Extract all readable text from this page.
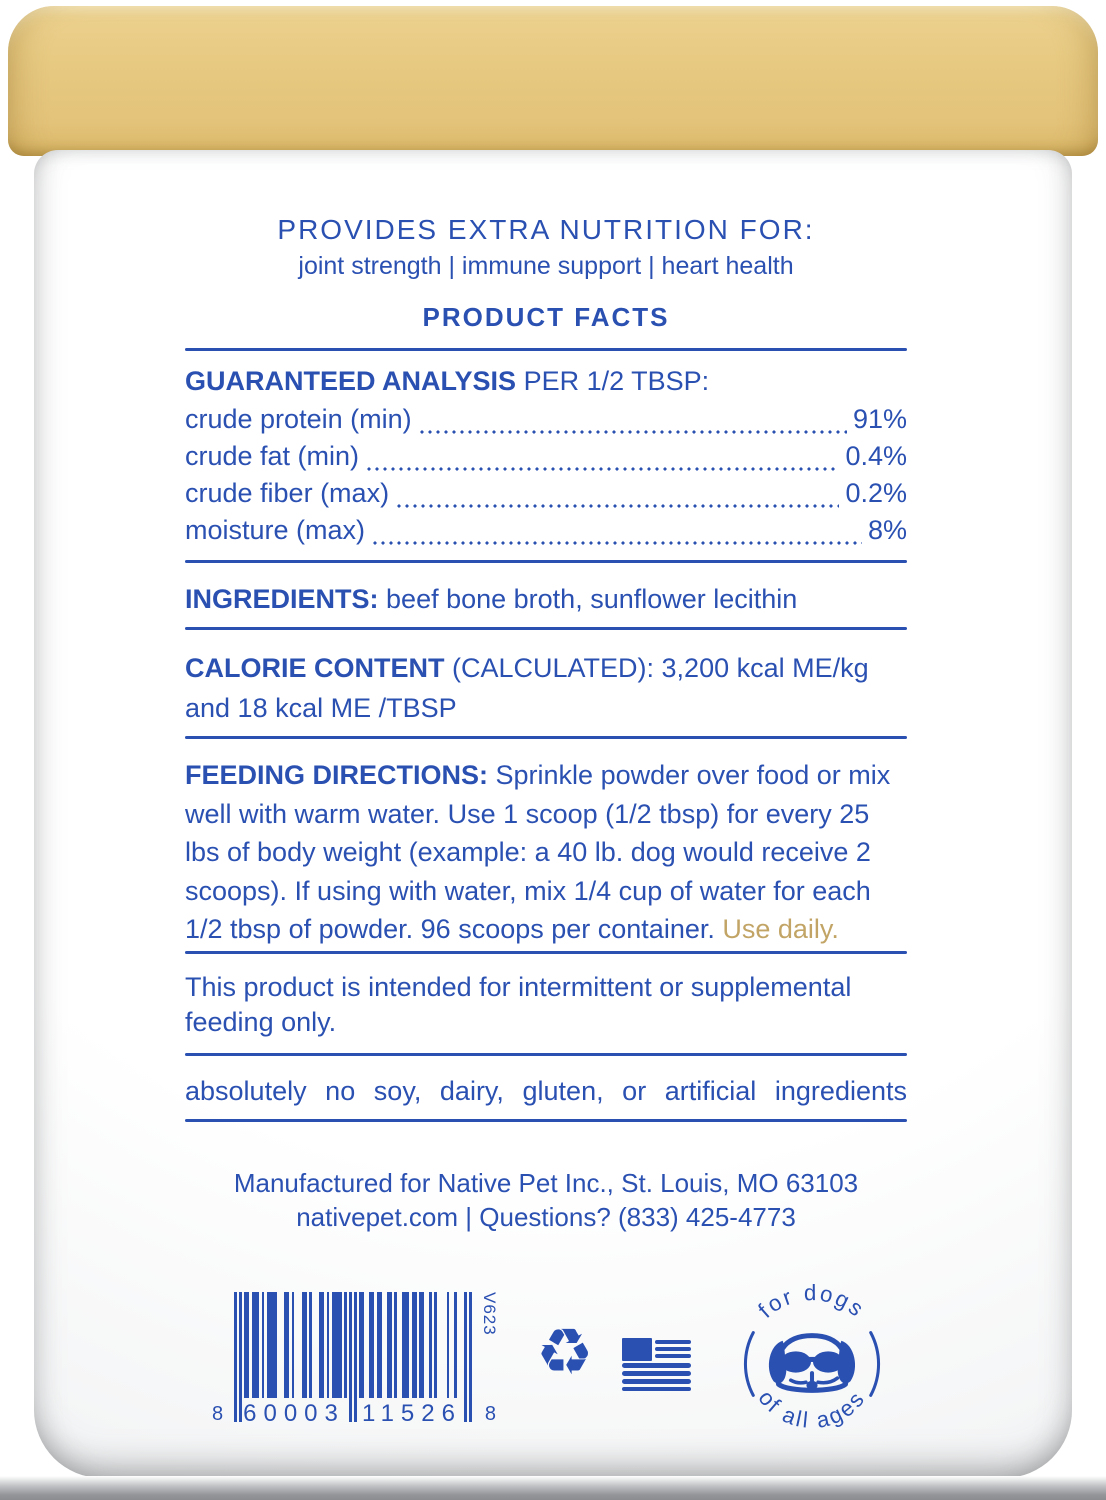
PROVIDES EXTRA NUTRITION FOR:
joint strength | immune support | heart health
PRODUCT FACTS
GUARANTEED ANALYSIS PER 1/2 TBSP:
crude protein (min)	91%
crude fat (min)	0.4%
crude fiber (max)	0.2%
moisture (max)	8%
INGREDIENTS: beef bone broth, sunflower lecithin
CALORIE CONTENT (CALCULATED): 3,200 kcal ME/kg and 18 kcal ME /TBSP
FEEDING DIRECTIONS: Sprinkle powder over food or mix well with warm water. Use 1 scoop (1/2 tbsp) for every 25 lbs of body weight (example: a 40 lb. dog would receive 2 scoops). If using with water, mix 1/4 cup of water for each 1/2 tbsp of powder. 96 scoops per container. Use daily.
This product is intended for intermittent or supplemental feeding only.
absolutely no soy, dairy, gluten, or artificial ingredients
Manufactured for Native Pet Inc., St. Louis, MO 63103
nativepet.com | Questions? (833) 425-4773
8 60003 11526 8
V623
♻
for dogs
of all ages
